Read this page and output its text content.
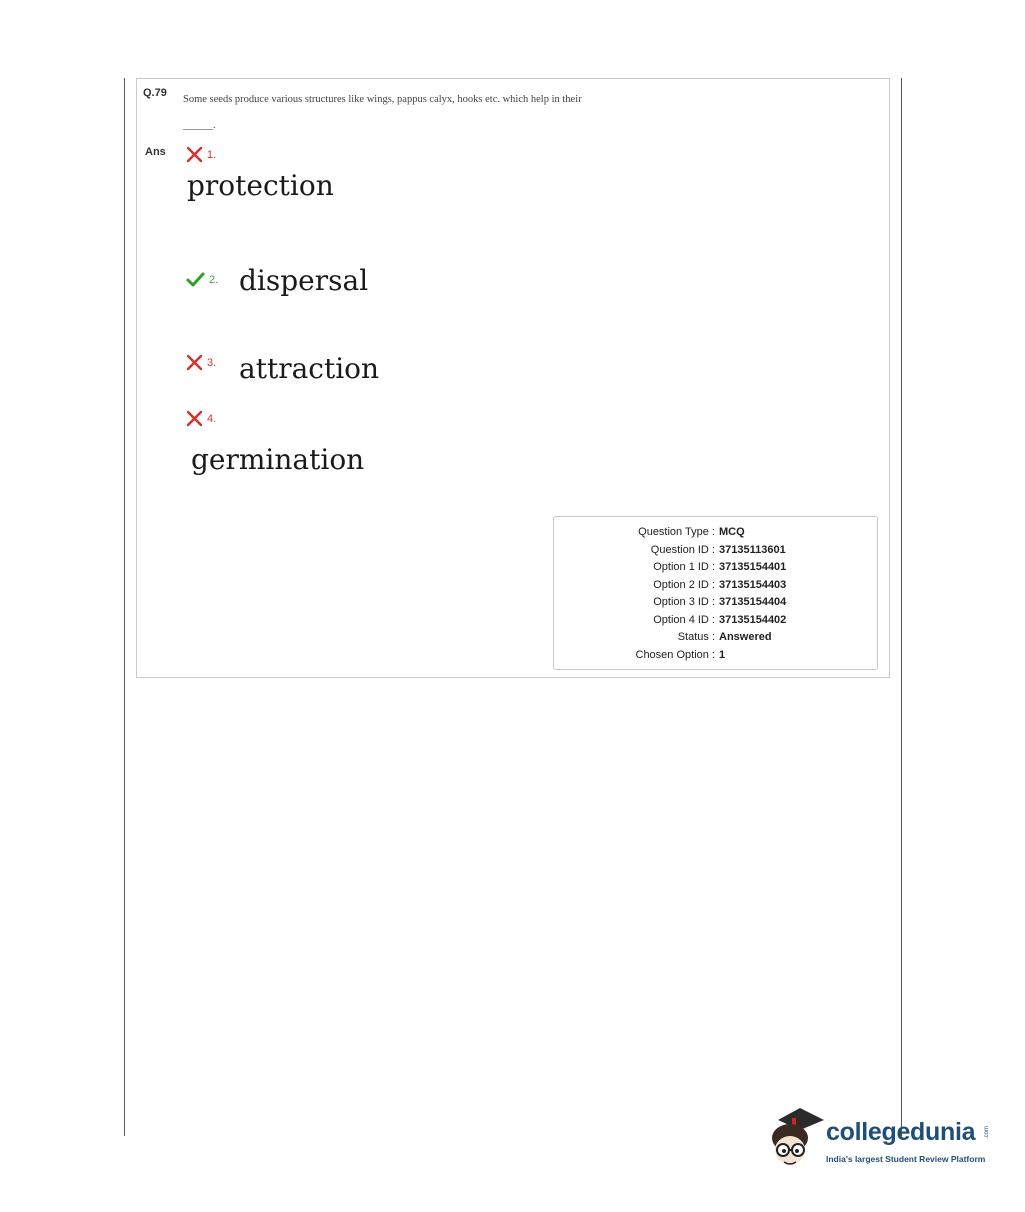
Q.79
Some seeds produce various structures like wings, pappus calyx, hooks etc. which help in their
______.
Ans	1.
protection
2. dispersal
3. attraction
4.
germination
Question Type : MCQ
Question ID : 37135113601
Option 1 ID : 37135154401
Option 2 ID : 37135154403
Option 3 ID : 37135154404
Option 4 ID : 37135154402
Status : Answered
Chosen Option : 1
collegedunia .com
India's largest Student Review Platform
